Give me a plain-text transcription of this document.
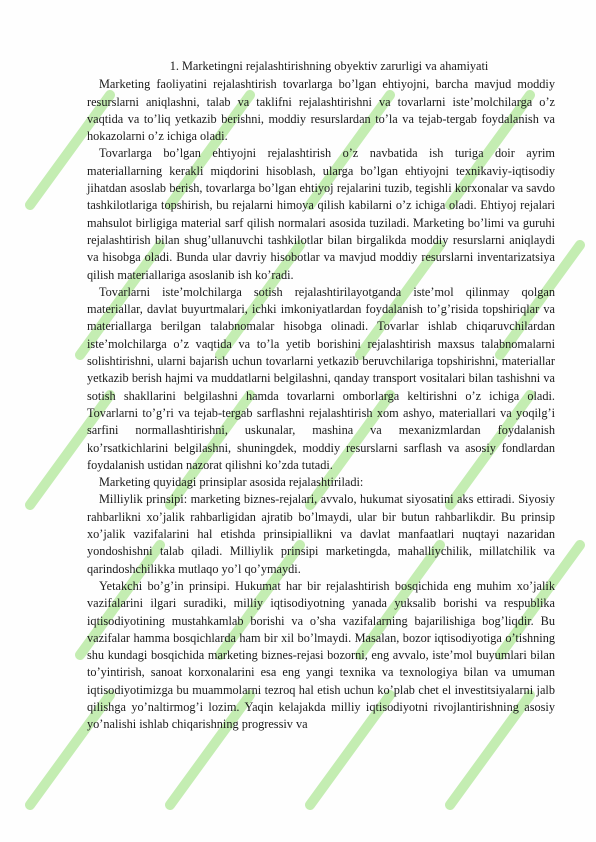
1. Marketingni rejalashtirishning obyektiv zarurligi va ahamiyati

Marketing faoliyatini rejalashtirish tovarlarga bo’lgan ehtiyojni, barcha mavjud moddiy resurslarni aniqlashni, talab va taklifni rejalashtirishni va tovarlarni iste’molchilarga o’z vaqtida va to’liq yetkazib berishni, moddiy resurslardan to’la va tejab-tergab foydalanish va hokazolarni o’z ichiga oladi.

Tovarlarga bo’lgan ehtiyojni rejalashtirish o’z navbatida ish turiga doir ayrim materiallarning kerakli miqdorini hisoblash, ularga bo’lgan ehtiyojni texnikaviy-iqtisodiy jihatdan asoslab berish, tovarlarga bo’lgan ehtiyoj rejalarini tuzib, tegishli korxonalar va savdo tashkilotlariga topshirish, bu rejalarni himoya qilish kabilarni o’z ichiga oladi. Ehtiyoj rejalari mahsulot birligiga material sarf qilish normalari asosida tuziladi. Marketing bo’limi va guruhi rejalashtirish bilan shug’ullanuvchi tashkilotlar bilan birgalikda moddiy resurslarni aniqlaydi va hisobga oladi. Bunda ular davriy hisobotlar va mavjud moddiy resurslarni inventarizatsiya qilish materiallariga asoslanib ish ko’radi.

Tovarlarni iste’molchilarga sotish rejalashtirilayotganda iste’mol qilinmay qolgan materiallar, davlat buyurtmalari, ichki imkoniyatlardan foydalanish to’g’risida topshiriqlar va materiallarga berilgan talabnomalar hisobga olinadi. Tovarlar ishlab chiqaruvchilardan iste’molchilarga o’z vaqtida va to’la yetib borishini rejalashtirish maxsus talabnomalarni solishtirishni, ularni bajarish uchun tovarlarni yetkazib beruvchilariga topshirishni, materiallar yetkazib berish hajmi va muddatlarni belgilashni, qanday transport vositalari bilan tashishni va sotish shakllarini belgilashni hamda tovarlarni omborlarga keltirishni o’z ichiga oladi. Tovarlarni to’g’ri va tejab-tergab sarflashni rejalashtirish xom ashyo, materiallari va yoqilg’i sarfini normallashtirishni, uskunalar, mashina va mexanizmlardan foydalanish ko’rsatkichlarini belgilashni, shuningdek, moddiy resurslarni sarflash va asosiy fondlardan foydalanish ustidan nazorat qilishni ko’zda tutadi.

Marketing quyidagi prinsiplar asosida rejalashtiriladi:

Milliylik prinsipi: marketing biznes-rejalari, avvalo, hukumat siyosatini aks ettiradi. Siyosiy rahbarlikni xo’jalik rahbarligidan ajratib bo’lmaydi, ular bir butun rahbarlikdir. Bu prinsip xo’jalik vazifalarini hal etishda prinsipiallikni va davlat manfaatlari nuqtayi nazaridan yondoshishni talab qiladi. Milliylik prinsipi marketingda, mahalliychilik, millatchilik va qarindoshchilikka mutlaqo yo’l qo’ymaydi.

Yetakchi bo’g’in prinsipi. Hukumat har bir rejalashtirish bosqichida eng muhim xo’jalik vazifalarini ilgari suradiki, milliy iqtisodiyotning yanada yuksalib borishi va respublika iqtisodiyotining mustahkamlab borishi va o’sha vazifalarning bajarilishiga bog’liqdir. Bu vazifalar hamma bosqichlarda ham bir xil bo’lmaydi. Masalan, bozor iqtisodiyotiga o’tishning shu kundagi bosqichida marketing biznes-rejasi bozorni, eng avvalo, iste’mol buyumlari bilan to’yintirish, sanoat korxonalarini esa eng yangi texnika va texnologiya bilan va umuman iqtisodiyotimizga bu muammolarni tezroq hal etish uchun ko’plab chet el investitsiyalarni jalb qilishga yo’naltirmog’i lozim. Yaqin kelajakda milliy iqtisodiyotni rivojlantirishning asosiy yo’nalishi ishlab chiqarishning progressiv va
